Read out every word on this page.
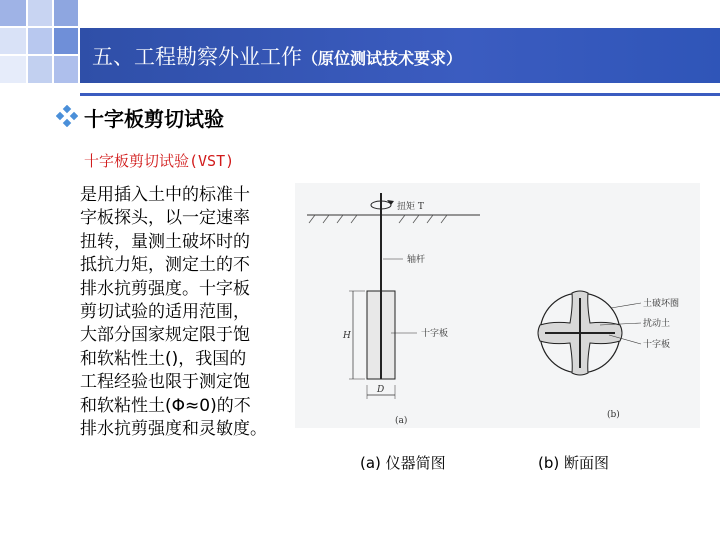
五、工程勘察外业工作（原位测试技术要求）
十字板剪切试验
十字板剪切试验(VST)
是用插入土中的标准十
字板探头，以一定速率
扭转，量测土破坏时的
抵抗力矩，测定土的不
排水抗剪强度。十字板
剪切试验的适用范围，
大部分国家规定限于饱
和软粘性土()，我国的
工程经验也限于测定饱
和软粘性土(Φ≈0)的不
排水抗剪强度和灵敏度。
扭矩 T
轴杆
十字板
H
D
(a)
土破坏圈
扰动土
十字板
(b)
(a) 仪器简图	(b) 断面图
